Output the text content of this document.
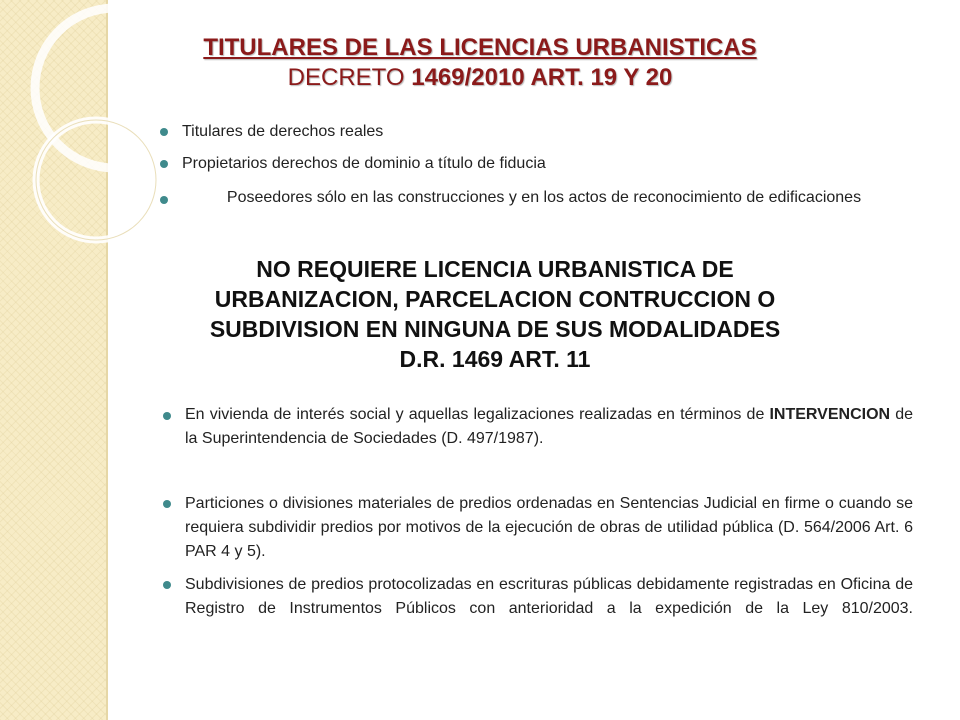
TITULARES DE LAS LICENCIAS URBANISTICAS
DECRETO 1469/2010 ART. 19 Y 20
Titulares de derechos reales
Propietarios derechos de dominio a título de fiducia
Poseedores sólo en las construcciones y en los actos de reconocimiento de edificaciones
NO REQUIERE LICENCIA URBANISTICA DE
URBANIZACION, PARCELACION CONTRUCCION O
SUBDIVISION EN NINGUNA DE SUS MODALIDADES
D.R. 1469 ART. 11
En vivienda de interés social y aquellas legalizaciones realizadas en términos de INTERVENCION de la Superintendencia de Sociedades (D. 497/1987).
Particiones o divisiones materiales de predios ordenadas en Sentencias Judicial en firme o cuando se requiera subdividir predios por motivos de la ejecución de obras de utilidad pública (D. 564/2006 Art. 6 PAR 4 y 5).
Subdivisiones de predios protocolizadas en escrituras públicas debidamente registradas en Oficina de Registro de Instrumentos Públicos con anterioridad a la expedición de la Ley 810/2003.
